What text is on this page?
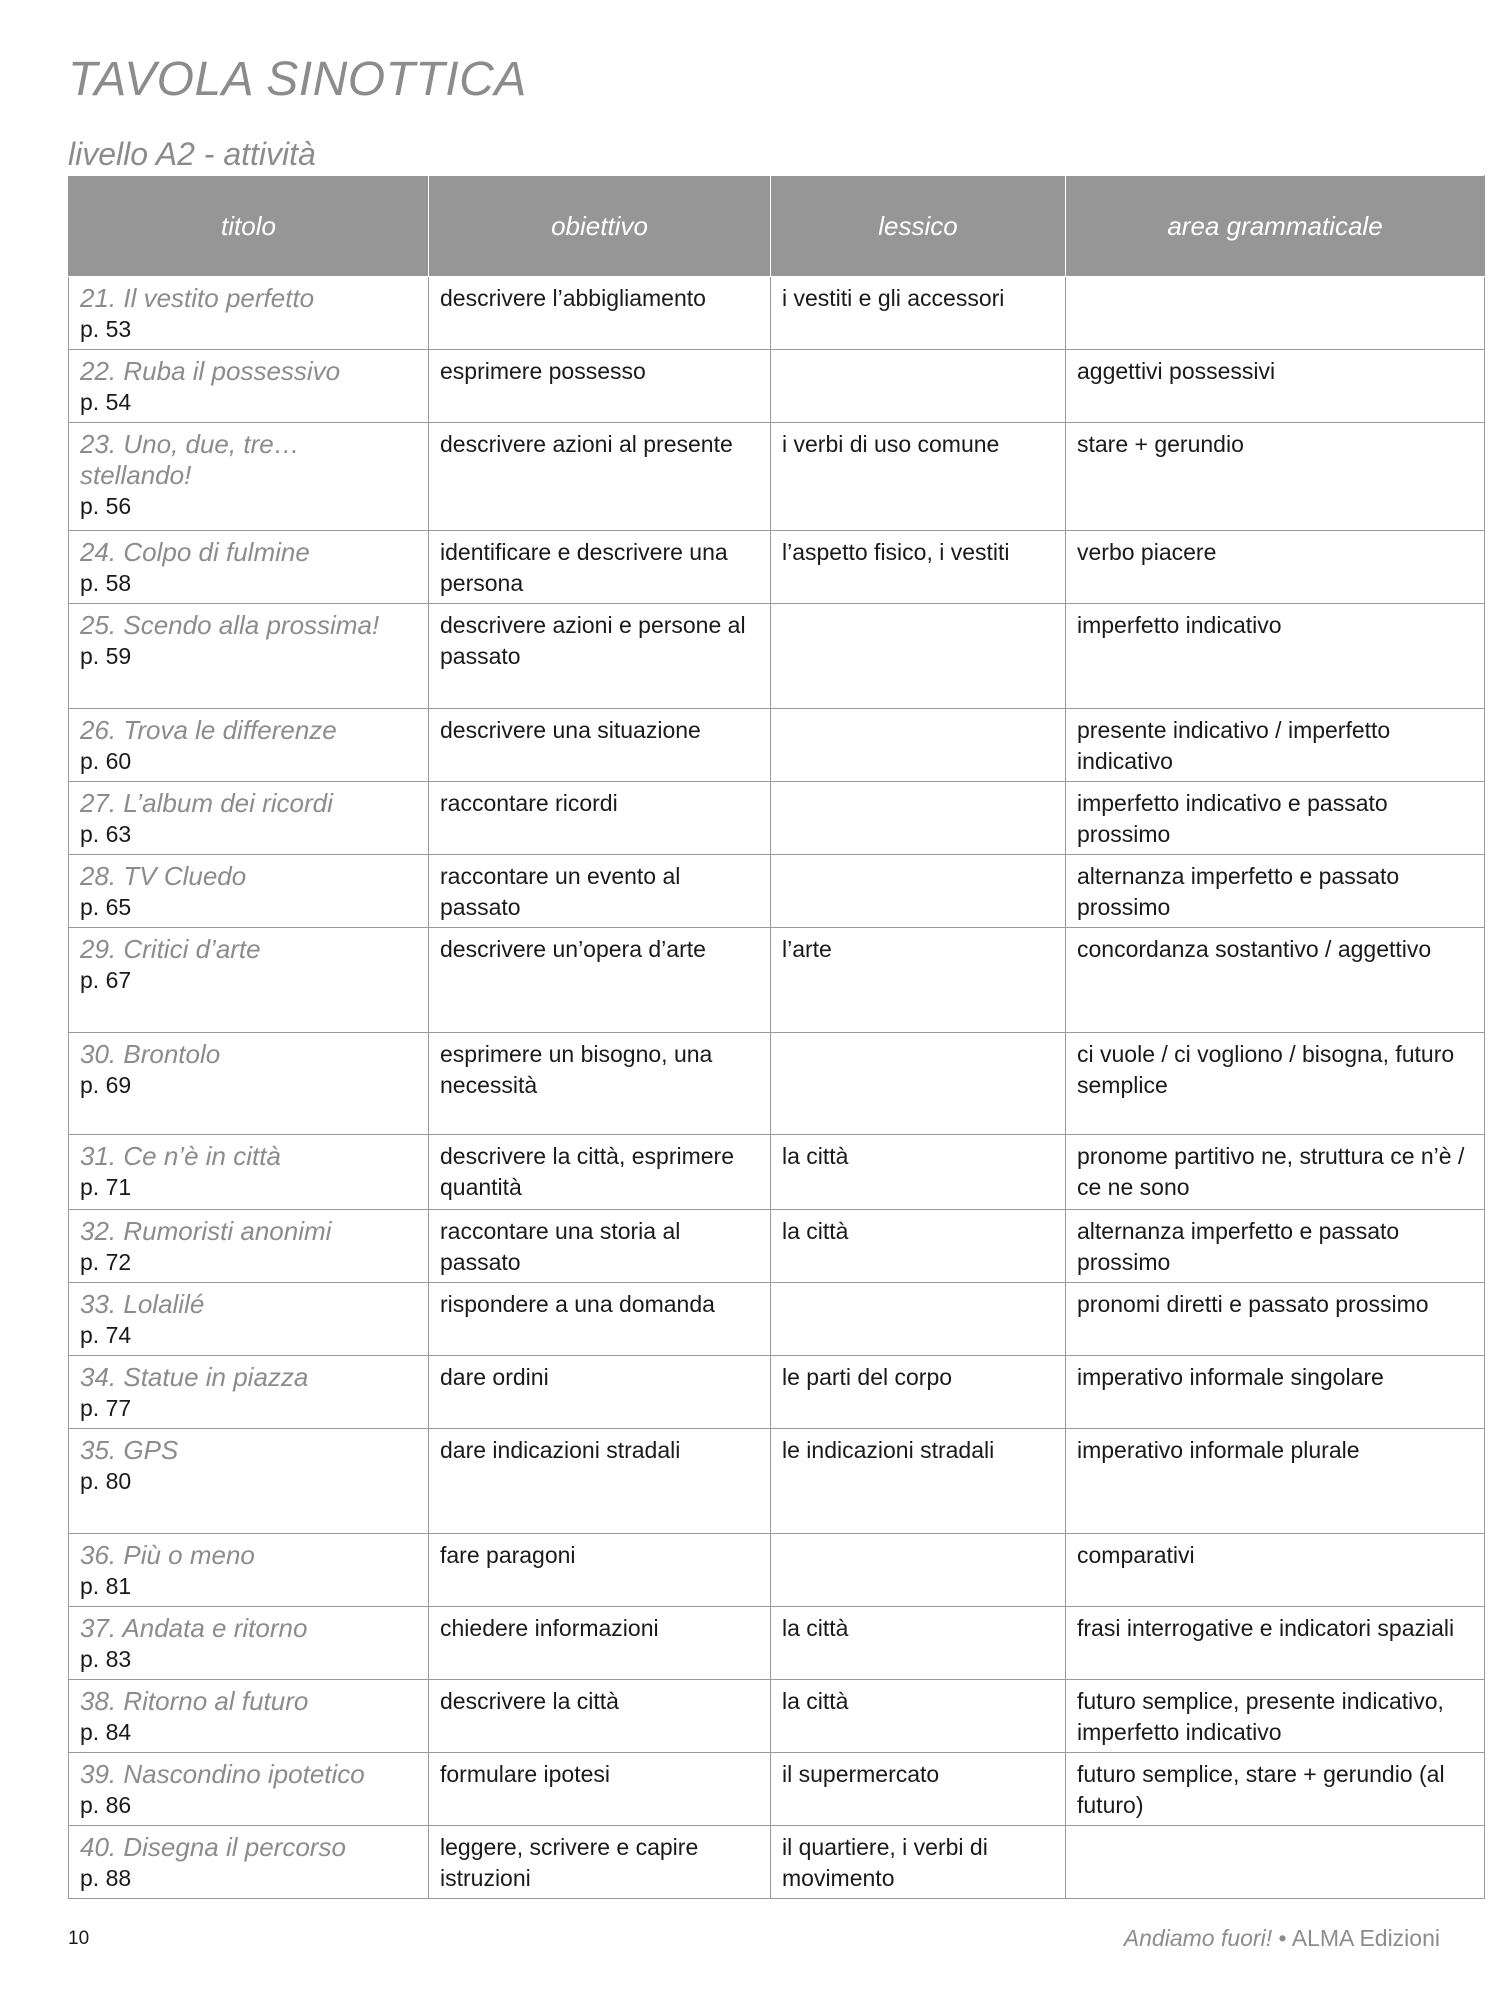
TAVOLA SINOTTICA
livello A2 - attività
titolo	obiettivo	lessico	area grammaticale

21. Il vestito perfetto
p. 53	descrivere l’abbigliamento	i vestiti e gli accessori	

22. Ruba il possessivo
p. 54	esprimere possesso		aggettivi possessivi

23. Uno, due, tre… stellando!
p. 56	descrivere azioni al presente	i verbi di uso comune	stare + gerundio

24. Colpo di fulmine
p. 58	identificare e descrivere una persona	l’aspetto fisico, i vestiti	verbo piacere

25. Scendo alla prossima!
p. 59	descrivere azioni e persone al passato		imperfetto indicativo

26. Trova le differenze
p. 60	descrivere una situazione		presente indicativo / imperfetto indicativo

27. L’album dei ricordi
p. 63	raccontare ricordi		imperfetto indicativo e passato prossimo

28. TV Cluedo
p. 65	raccontare un evento al passato		alternanza imperfetto e passato prossimo

29. Critici d’arte
p. 67	descrivere un’opera d’arte	l’arte	concordanza sostantivo / aggettivo

30. Brontolo
p. 69	esprimere un bisogno, una necessità		ci vuole / ci vogliono / bisogna, futuro semplice

31. Ce n’è in città
p. 71	descrivere la città, esprimere quantità	la città	pronome partitivo ne, struttura ce n’è / ce ne sono

32. Rumoristi anonimi
p. 72	raccontare una storia al passato	la città	alternanza imperfetto e passato prossimo

33. Lolalilé
p. 74	rispondere a una domanda		pronomi diretti e passato prossimo

34. Statue in piazza
p. 77	dare ordini	le parti del corpo	imperativo informale singolare

35. GPS
p. 80	dare indicazioni stradali	le indicazioni stradali	imperativo informale plurale

36. Più o meno
p. 81	fare paragoni		comparativi

37. Andata e ritorno
p. 83	chiedere informazioni	la città	frasi interrogative e indicatori spaziali

38. Ritorno al futuro
p. 84	descrivere la città	la città	futuro semplice, presente indicativo, imperfetto indicativo

39. Nascondino ipotetico
p. 86	formulare ipotesi	il supermercato	futuro semplice, stare + gerundio (al futuro)

40. Disegna il percorso
p. 88	leggere, scrivere e capire istruzioni	il quartiere, i verbi di movimento	
10	Andiamo fuori! • ALMA Edizioni
